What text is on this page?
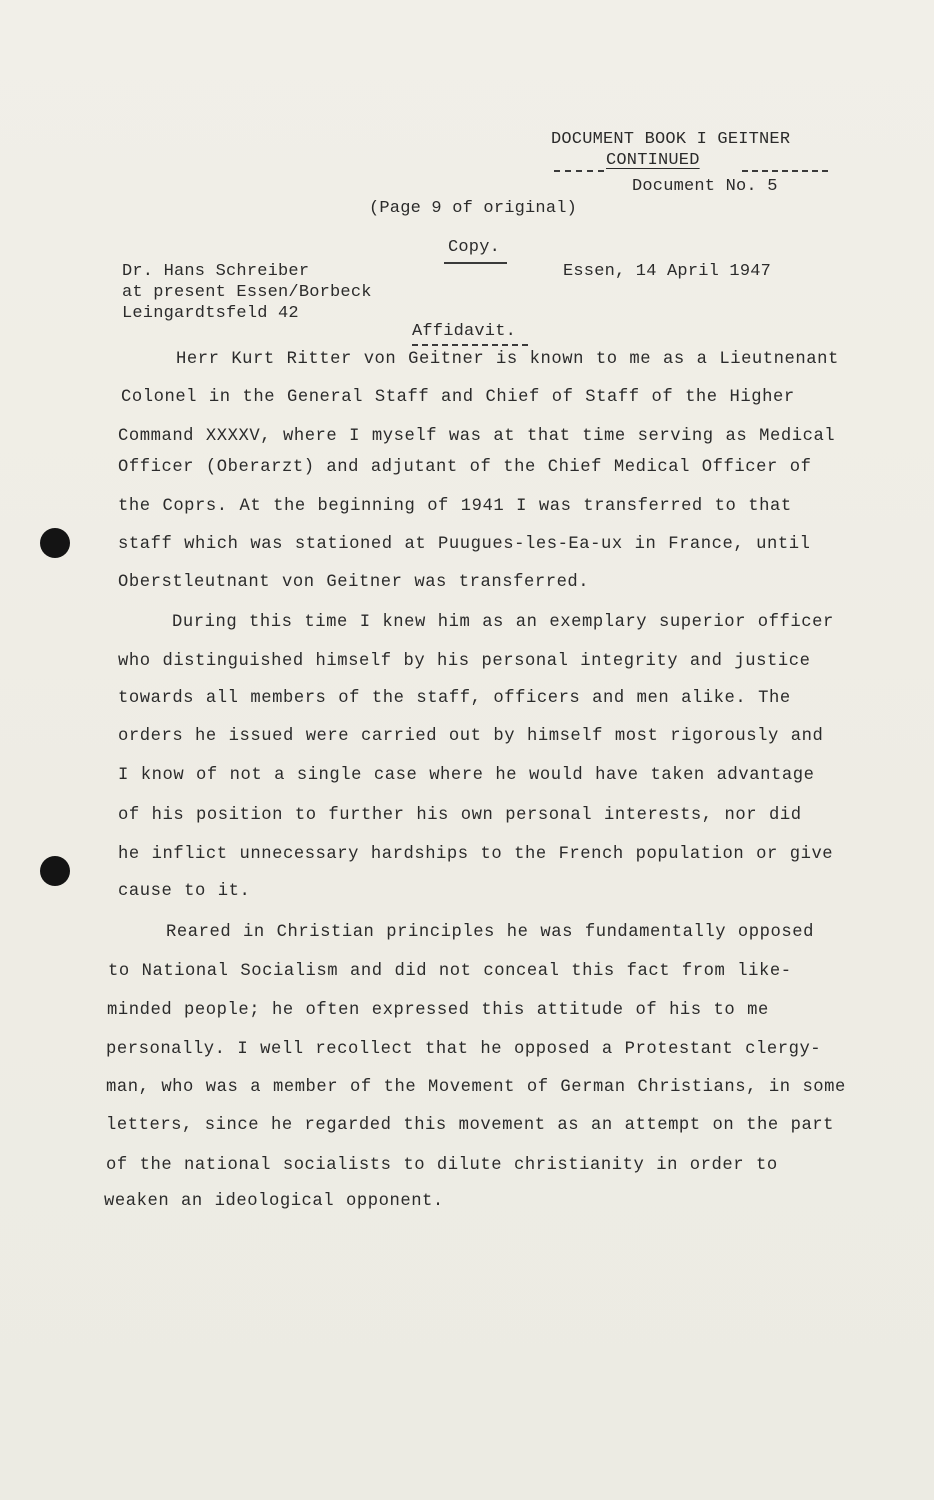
DOCUMENT BOOK I GEITNER
CONTINUED
Document No. 5
(Page 9 of original)
Copy.
Dr. Hans Schreiber	Essen, 14 April 1947
at present Essen/Borbeck
Leingardtsfeld 42
Affidavit.
Herr Kurt Ritter von Geitner is known to me as a Lieutnenant
Colonel in the General Staff and Chief of Staff of the Higher
Command XXXXV, where I myself was at that time serving as Medical
Officer (Oberarzt) and adjutant of the Chief Medical Officer of
the Coprs. At the beginning of 1941 I was transferred to that
staff which was stationed at Puugues-les-Ea-ux in France, until
Oberstleutnant von Geitner was transferred.
During this time I knew him as an exemplary superior officer
who distinguished himself by his personal integrity and justice
towards all members of the staff, officers and men alike. The
orders he issued were carried out by himself most rigorously and
I know of not a single case where he would have taken advantage
of his position to further his own personal interests, nor did
he inflict unnecessary hardships to the French population or give
cause to it.
Reared in Christian principles he was fundamentally opposed
to National Socialism and did not conceal this fact from like-
minded people; he often expressed this attitude of his to me
personally. I well recollect that he opposed a Protestant clergy-
man, who was a member of the Movement of German Christians, in some
letters, since he regarded this movement as an attempt on the part
of the national socialists to dilute christianity in order to
weaken an ideological opponent.
